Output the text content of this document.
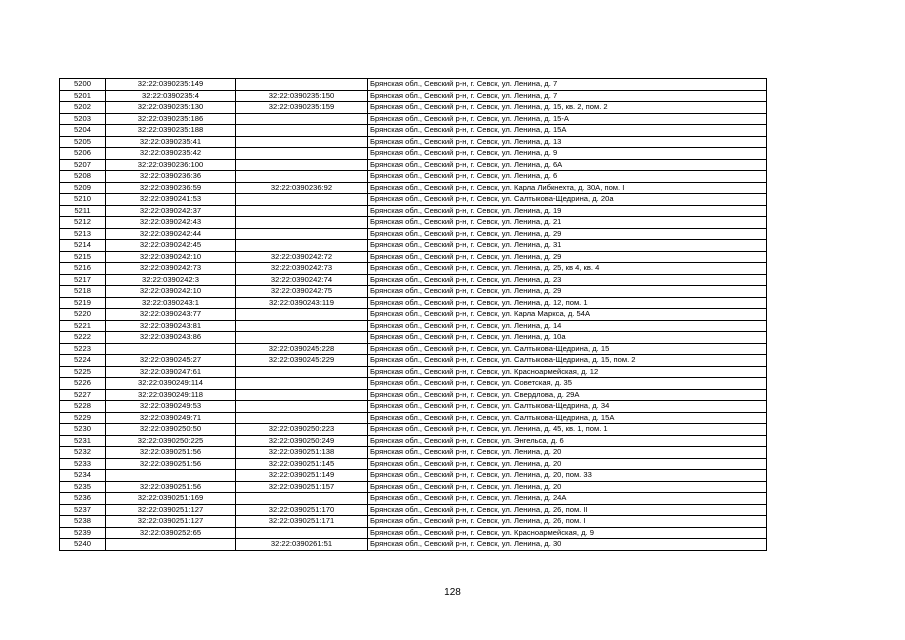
5200	32:22:0390235:149		Брянская обл., Севский р-н, г. Севск, ул. Ленина, д. 7
5201	32:22:0390235:4	32:22:0390235:150	Брянская обл., Севский р-н, г. Севск, ул. Ленина, д. 7
5202	32:22:0390235:130	32:22:0390235:159	Брянская обл., Севский р-н, г. Севск, ул. Ленина, д. 15, кв. 2, пом. 2
5203	32:22:0390235:186		Брянская обл., Севский р-н, г. Севск, ул. Ленина, д. 15-А
5204	32:22:0390235:188		Брянская обл., Севский р-н, г. Севск, ул. Ленина, д. 15А
5205	32:22:0390235:41		Брянская обл., Севский р-н, г. Севск, ул. Ленина, д. 13
5206	32:22:0390235:42		Брянская обл., Севский р-н, г. Севск, ул. Ленина, д. 9
5207	32:22:0390236:100		Брянская обл., Севский р-н, г. Севск, ул. Ленина, д. 6А
5208	32:22:0390236:36		Брянская обл., Севский р-н, г. Севск, ул. Ленина, д. 6
5209	32:22:0390236:59	32:22:0390236:92	Брянская обл., Севский р-н, г. Севск, ул. Карла Либкнехта, д. 30А, пом. I
5210	32:22:0390241:53		Брянская обл., Севский р-н, г. Севск, ул. Салтыкова-Щедрина, д. 20а
5211	32:22:0390242:37		Брянская обл., Севский р-н, г. Севск, ул. Ленина, д. 19
5212	32:22:0390242:43		Брянская обл., Севский р-н, г. Севск, ул. Ленина, д. 21
5213	32:22:0390242:44		Брянская обл., Севский р-н, г. Севск, ул. Ленина, д. 29
5214	32:22:0390242:45		Брянская обл., Севский р-н, г. Севск, ул. Ленина, д. 31
5215	32:22:0390242:10	32:22:0390242:72	Брянская обл., Севский р-н, г. Севск, ул. Ленина, д. 29
5216	32:22:0390242:73	32:22:0390242:73	Брянская обл., Севский р-н, г. Севск, ул. Ленина, д. 25, кв 4, кв. 4
5217	32:22:0390242:3	32:22:0390242:74	Брянская обл., Севский р-н, г. Севск, ул. Ленина, д. 23
5218	32:22:0390242:10	32:22:0390242:75	Брянская обл., Севский р-н, г. Севск, ул. Ленина, д. 29
5219	32:22:0390243:1	32:22:0390243:119	Брянская обл., Севский р-н, г. Севск, ул. Ленина, д. 12, пом. 1
5220	32:22:0390243:77		Брянская обл., Севский р-н, г. Севск, ул. Карла Маркса, д. 54А
5221	32:22:0390243:81		Брянская обл., Севский р-н, г. Севск, ул. Ленина, д. 14
5222	32:22:0390243:86		Брянская обл., Севский р-н, г. Севск, ул. Ленина, д. 10а
5223		32:22:0390245:228	Брянская обл., Севский р-н, г. Севск, ул. Салтыкова-Щедрина, д. 15
5224	32:22:0390245:27	32:22:0390245:229	Брянская обл., Севский р-н, г. Севск, ул. Салтыкова-Щедрина, д. 15, пом. 2
5225	32:22:0390247:61		Брянская обл., Севский р-н, г. Севск, ул. Красноармейская, д. 12
5226	32:22:0390249:114		Брянская обл., Севский р-н, г. Севск, ул. Советская, д. 35
5227	32:22:0390249:118		Брянская обл., Севский р-н, г. Севск, ул. Свердлова, д. 29А
5228	32:22:0390249:53		Брянская обл., Севский р-н, г. Севск, ул. Салтыкова-Щедрина, д. 34
5229	32:22:0390249:71		Брянская обл., Севский р-н, г. Севск, ул. Салтыкова-Щедрина, д. 15А
5230	32:22:0390250:50	32:22:0390250:223	Брянская обл., Севский р-н, г. Севск, ул. Ленина, д. 45, кв. 1, пом. 1
5231	32:22:0390250:225	32:22:0390250:249	Брянская обл., Севский р-н, г. Севск, ул. Энгельса, д. 6
5232	32:22:0390251:56	32:22:0390251:138	Брянская обл., Севский р-н, г. Севск, ул. Ленина, д. 20
5233	32:22:0390251:56	32:22:0390251:145	Брянская обл., Севский р-н, г. Севск, ул. Ленина, д. 20
5234		32:22:0390251:149	Брянская обл., Севский р-н, г. Севск, ул. Ленина, д. 20, пом. 33
5235	32:22:0390251:56	32:22:0390251:157	Брянская обл., Севский р-н, г. Севск, ул. Ленина, д. 20
5236	32:22:0390251:169		Брянская обл., Севский р-н, г. Севск, ул. Ленина, д. 24А
5237	32:22:0390251:127	32:22:0390251:170	Брянская обл., Севский р-н, г. Севск, ул. Ленина, д. 26, пом. II
5238	32:22:0390251:127	32:22:0390251:171	Брянская обл., Севский р-н, г. Севск, ул. Ленина, д. 26, пом. I
5239	32:22:0390252:65		Брянская обл., Севский р-н, г. Севск, ул. Красноармейская, д. 9
5240		32:22:0390261:51	Брянская обл., Севский р-н, г. Севск, ул. Ленина, д. 30
128
